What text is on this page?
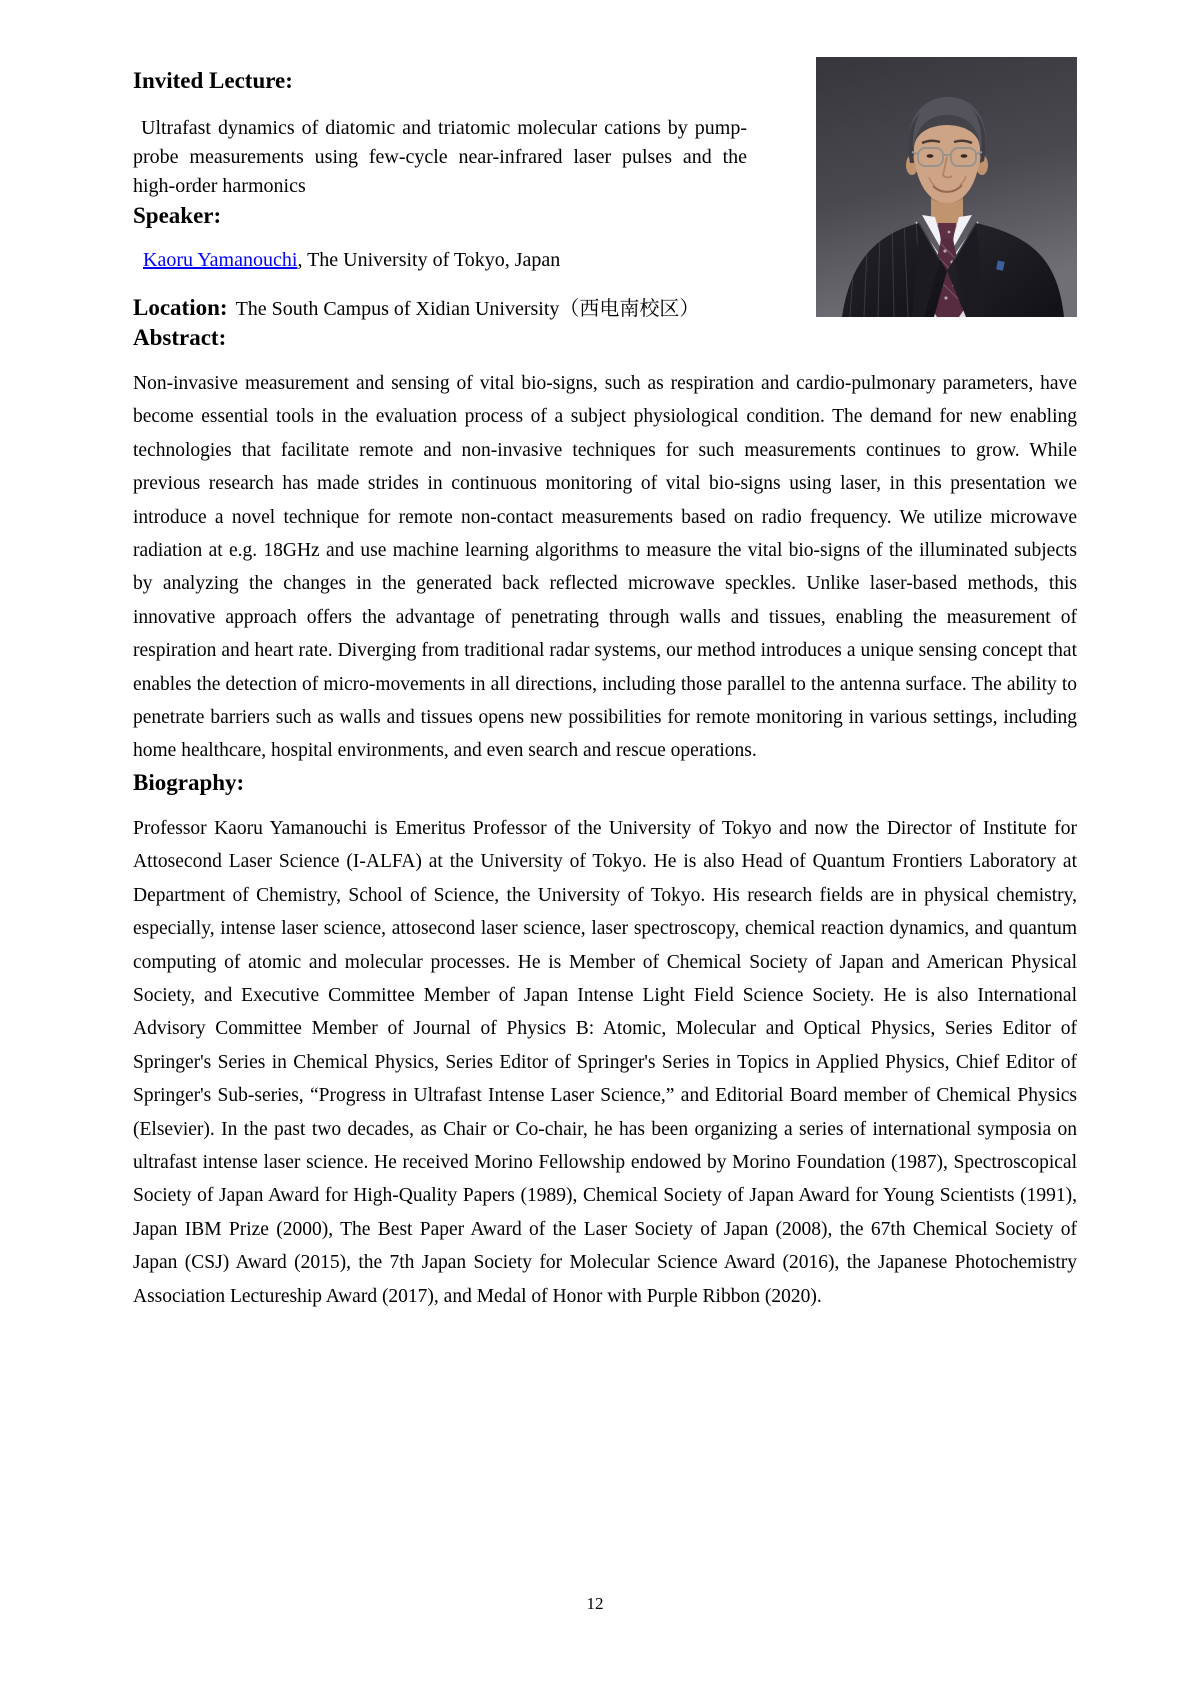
Invited Lecture:

Ultrafast dynamics of diatomic and triatomic molecular cations by pump-probe measurements using few-cycle near-infrared laser pulses and the high-order harmonics

Speaker:

Kaoru Yamanouchi, The University of Tokyo, Japan

Location: The South Campus of Xidian University（西电南校区）

Abstract:

Non-invasive measurement and sensing of vital bio-signs, such as respiration and cardio-pulmonary parameters, have become essential tools in the evaluation process of a subject physiological condition. The demand for new enabling technologies that facilitate remote and non-invasive techniques for such measurements continues to grow. While previous research has made strides in continuous monitoring of vital bio-signs using laser, in this presentation we introduce a novel technique for remote non-contact measurements based on radio frequency. We utilize microwave radiation at e.g. 18GHz and use machine learning algorithms to measure the vital bio-signs of the illuminated subjects by analyzing the changes in the generated back reflected microwave speckles. Unlike laser-based methods, this innovative approach offers the advantage of penetrating through walls and tissues, enabling the measurement of respiration and heart rate. Diverging from traditional radar systems, our method introduces a unique sensing concept that enables the detection of micro-movements in all directions, including those parallel to the antenna surface. The ability to penetrate barriers such as walls and tissues opens new possibilities for remote monitoring in various settings, including home healthcare, hospital environments, and even search and rescue operations.

Biography:

Professor Kaoru Yamanouchi is Emeritus Professor of the University of Tokyo and now the Director of Institute for Attosecond Laser Science (I-ALFA) at the University of Tokyo. He is also Head of Quantum Frontiers Laboratory at Department of Chemistry, School of Science, the University of Tokyo. His research fields are in physical chemistry, especially, intense laser science, attosecond laser science, laser spectroscopy, chemical reaction dynamics, and quantum computing of atomic and molecular processes. He is Member of Chemical Society of Japan and American Physical Society, and Executive Committee Member of Japan Intense Light Field Science Society. He is also International Advisory Committee Member of Journal of Physics B: Atomic, Molecular and Optical Physics, Series Editor of Springer's Series in Chemical Physics, Series Editor of Springer's Series in Topics in Applied Physics, Chief Editor of Springer's Sub-series, “Progress in Ultrafast Intense Laser Science,” and Editorial Board member of Chemical Physics (Elsevier). In the past two decades, as Chair or Co-chair, he has been organizing a series of international symposia on ultrafast intense laser science. He received Morino Fellowship endowed by Morino Foundation (1987), Spectroscopical Society of Japan Award for High-Quality Papers (1989), Chemical Society of Japan Award for Young Scientists (1991), Japan IBM Prize (2000), The Best Paper Award of the Laser Society of Japan (2008), the 67th Chemical Society of Japan (CSJ) Award (2015), the 7th Japan Society for Molecular Science Award (2016), the Japanese Photochemistry Association Lectureship Award (2017), and Medal of Honor with Purple Ribbon (2020).

12
